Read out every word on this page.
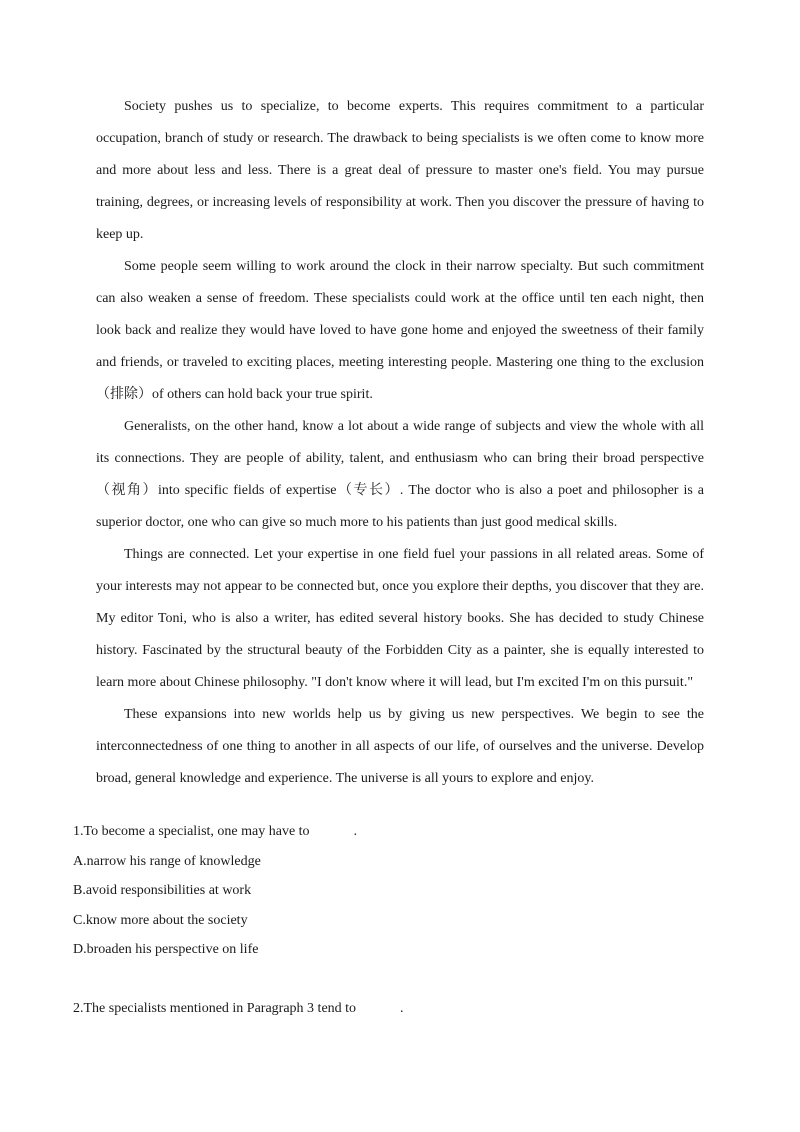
Society pushes us to specialize, to become experts. This requires commitment to a particular occupation, branch of study or research. The drawback to being specialists is we often come to know more and more about less and less. There is a great deal of pressure to master one's field. You may pursue training, degrees, or increasing levels of responsibility at work. Then you discover the pressure of having to keep up.

Some people seem willing to work around the clock in their narrow specialty. But such commitment can also weaken a sense of freedom. These specialists could work at the office until ten each night, then look back and realize they would have loved to have gone home and enjoyed the sweetness of their family and friends, or traveled to exciting places, meeting interesting people. Mastering one thing to the exclusion（排除）of others can hold back your true spirit.

Generalists, on the other hand, know a lot about a wide range of subjects and view the whole with all its connections. They are people of ability, talent, and enthusiasm who can bring their broad perspective（视角）into specific fields of expertise（专长）. The doctor who is also a poet and philosopher is a superior doctor, one who can give so much more to his patients than just good medical skills.

Things are connected. Let your expertise in one field fuel your passions in all related areas. Some of your interests may not appear to be connected but, once you explore their depths, you discover that they are. My editor Toni, who is also a writer, has edited several history books. She has decided to study Chinese history. Fascinated by the structural beauty of the Forbidden City as a painter, she is equally interested to learn more about Chinese philosophy. "I don't know where it will lead, but I'm excited I'm on this pursuit."

These expansions into new worlds help us by giving us new perspectives. We begin to see the interconnectedness of one thing to another in all aspects of our life, of ourselves and the universe. Develop broad, general knowledge and experience. The universe is all yours to explore and enjoy.

1.To become a specialist, one may have to	.
A.narrow his range of knowledge
B.avoid responsibilities at work
C.know more about the society
D.broaden his perspective on life
2.The specialists mentioned in Paragraph 3 tend to	.
